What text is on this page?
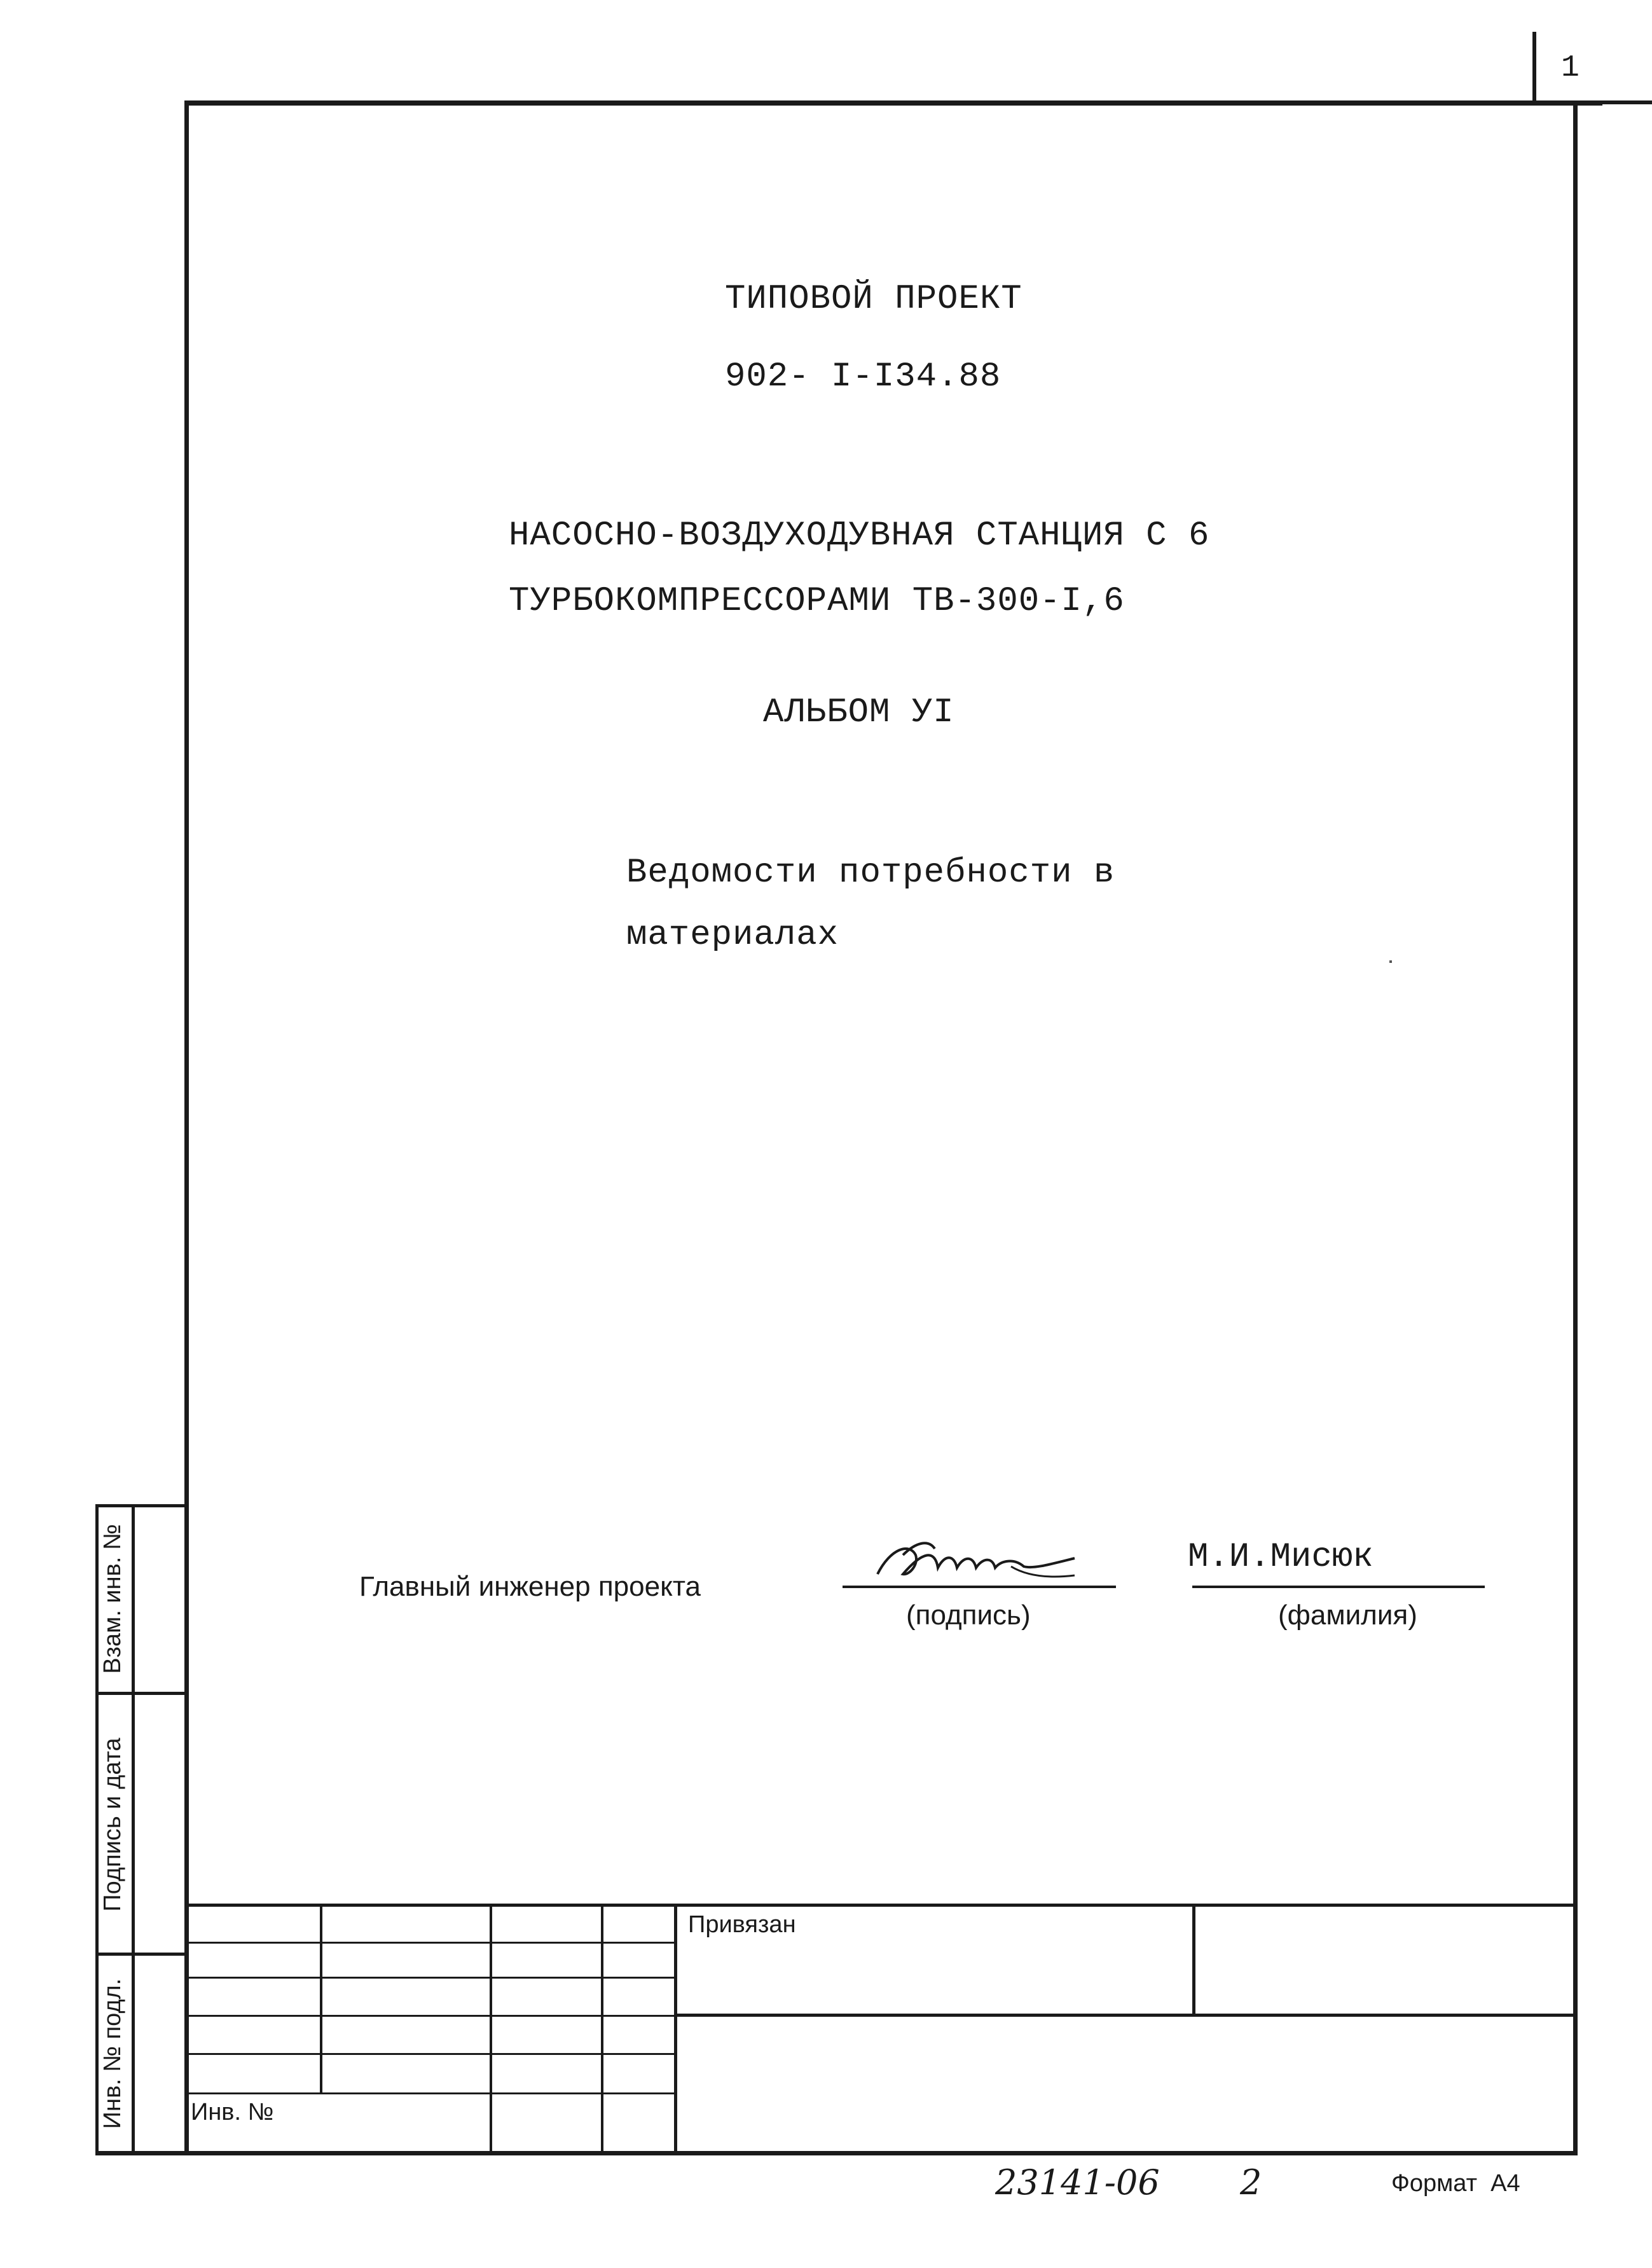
1
ТИПОВОЙ ПРОЕКТ
902- I-I34.88
НАСОСНО-ВОЗДУХОДУВНАЯ СТАНЦИЯ С 6
ТУРБОКОМПРЕССОРАМИ ТВ-300-I,6
АЛЬБОМ УI
Ведомости потребности в
материалах
Главный инженер проекта
(подпись)
М.И.Мисюк
(фамилия)
Взам. инв. №
Подпись и дата
Инв. № подл.
Привязан
Инв. №
23141-06 2	Формат  А4
